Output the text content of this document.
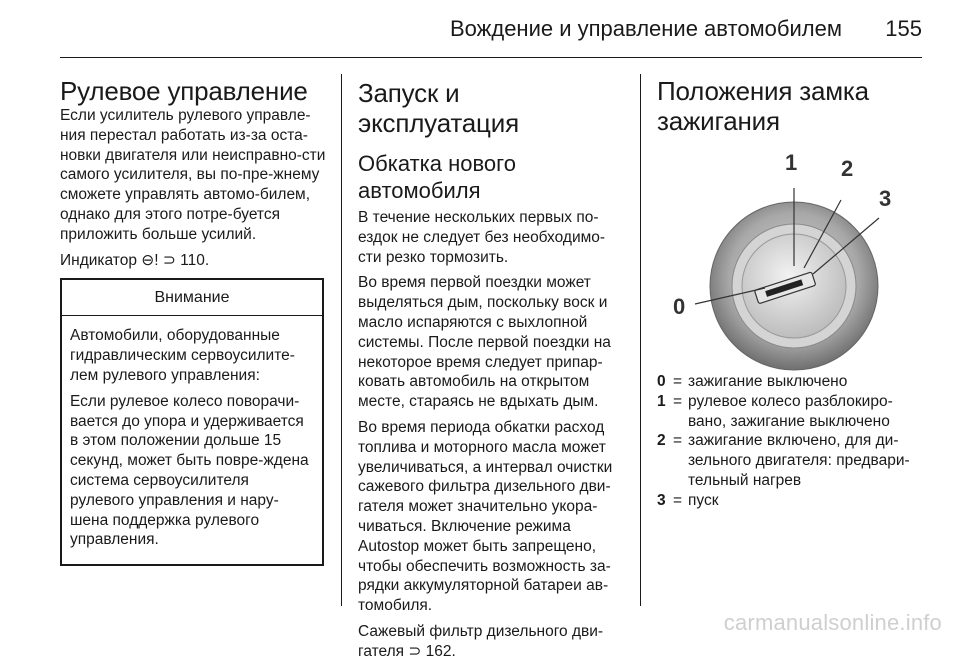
Вождение и управление автомобилем 155
Рулевое управление

Если усилитель рулевого управле-ния перестал работать из-за оста-новки двигателя или неисправно-сти самого усилителя, вы по-пре-жнему сможете управлять автомо-билем, однако для этого потре-буется приложить больше усилий.

Индикатор ⊖! ⊃ 110.

Внимание

Автомобили, оборудованные гидравлическим сервоусилите-лем рулевого управления:

Если рулевое колесо поворачи-вается до упора и удерживается в этом положении дольше 15 секунд, может быть повре-ждена система сервоусилителя рулевого управления и нару-шена поддержка рулевого управления.

Запуск и эксплуатация
Обкатка нового автомобиля

В течение нескольких первых по-ездок не следует без необходимо-сти резко тормозить.

Во время первой поездки может выделяться дым, поскольку воск и масло испаряются с выхлопной системы. После первой поездки на некоторое время следует припар-ковать автомобиль на открытом месте, стараясь не вдыхать дым.

Во время периода обкатки расход топлива и моторного масла может увеличиваться, а интервал очистки сажевого фильтра дизельного дви-гателя может значительно укора-чиваться. Включение режима Autostop может быть запрещено, чтобы обеспечить возможность за-рядки аккумуляторной батареи ав-томобиля.

Сажевый фильтр дизельного дви-гателя ⊃ 162.

Положения замка зажигания
0
1 2
3
0 = зажигание выключено
1 = рулевое колесо разблокиро-вано, зажигание выключено
2 = зажигание включено, для ди-зельного двигателя: предвари-тельный нагрев
3 = пуск
carmanualsonline.info
